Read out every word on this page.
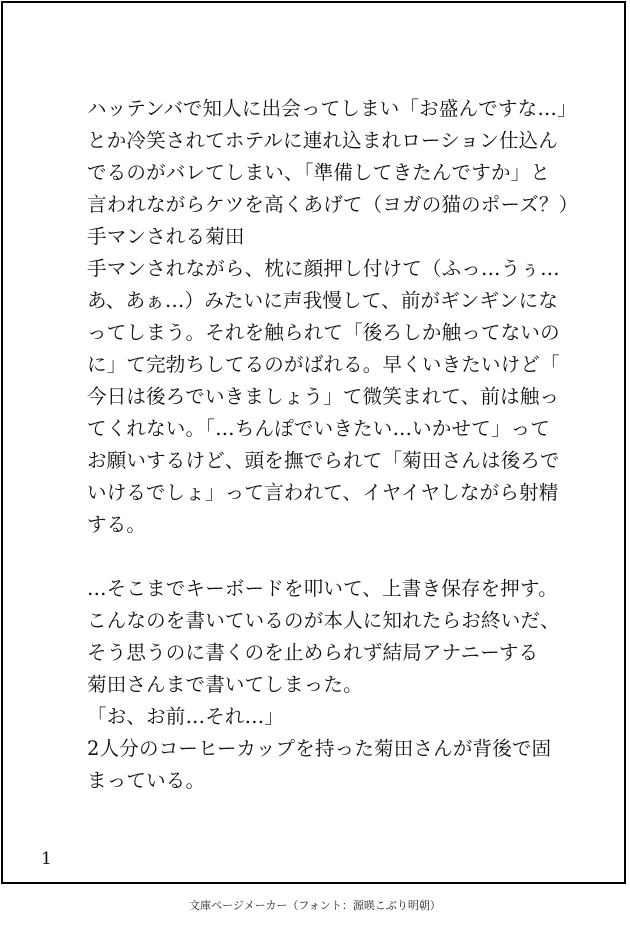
ハッテンバで知人に出会ってしまい「お盛んですな…」
とか冷笑されてホテルに連れ込まれローション仕込ん
でるのがバレてしまい、「準備してきたんですか」と
言われながらケツを高くあげて（ヨガの猫のポーズ？）
手マンされる菊田
手マンされながら、枕に顔押し付けて（ふっ…うぅ…
あ、あぁ…）みたいに声我慢して、前がギンギンにな
ってしまう。それを触られて「後ろしか触ってないの
に」て完勃ちしてるのがばれる。早くいきたいけど「
今日は後ろでいきましょう」て微笑まれて、前は触っ
てくれない。「…ちんぽでいきたい…いかせて」って
お願いするけど、頭を撫でられて「菊田さんは後ろで
いけるでしょ」って言われて、イヤイヤしながら射精
する。
…そこまでキーボードを叩いて、上書き保存を押す。
こんなのを書いているのが本人に知れたらお終いだ、
そう思うのに書くのを止められず結局アナニーする
菊田さんまで書いてしまった。
「お、お前…それ…」
2人分のコーヒーカップを持った菊田さんが背後で固
まっている。
1
文庫ページメーカー（フォント：源暎こぶり明朝）
